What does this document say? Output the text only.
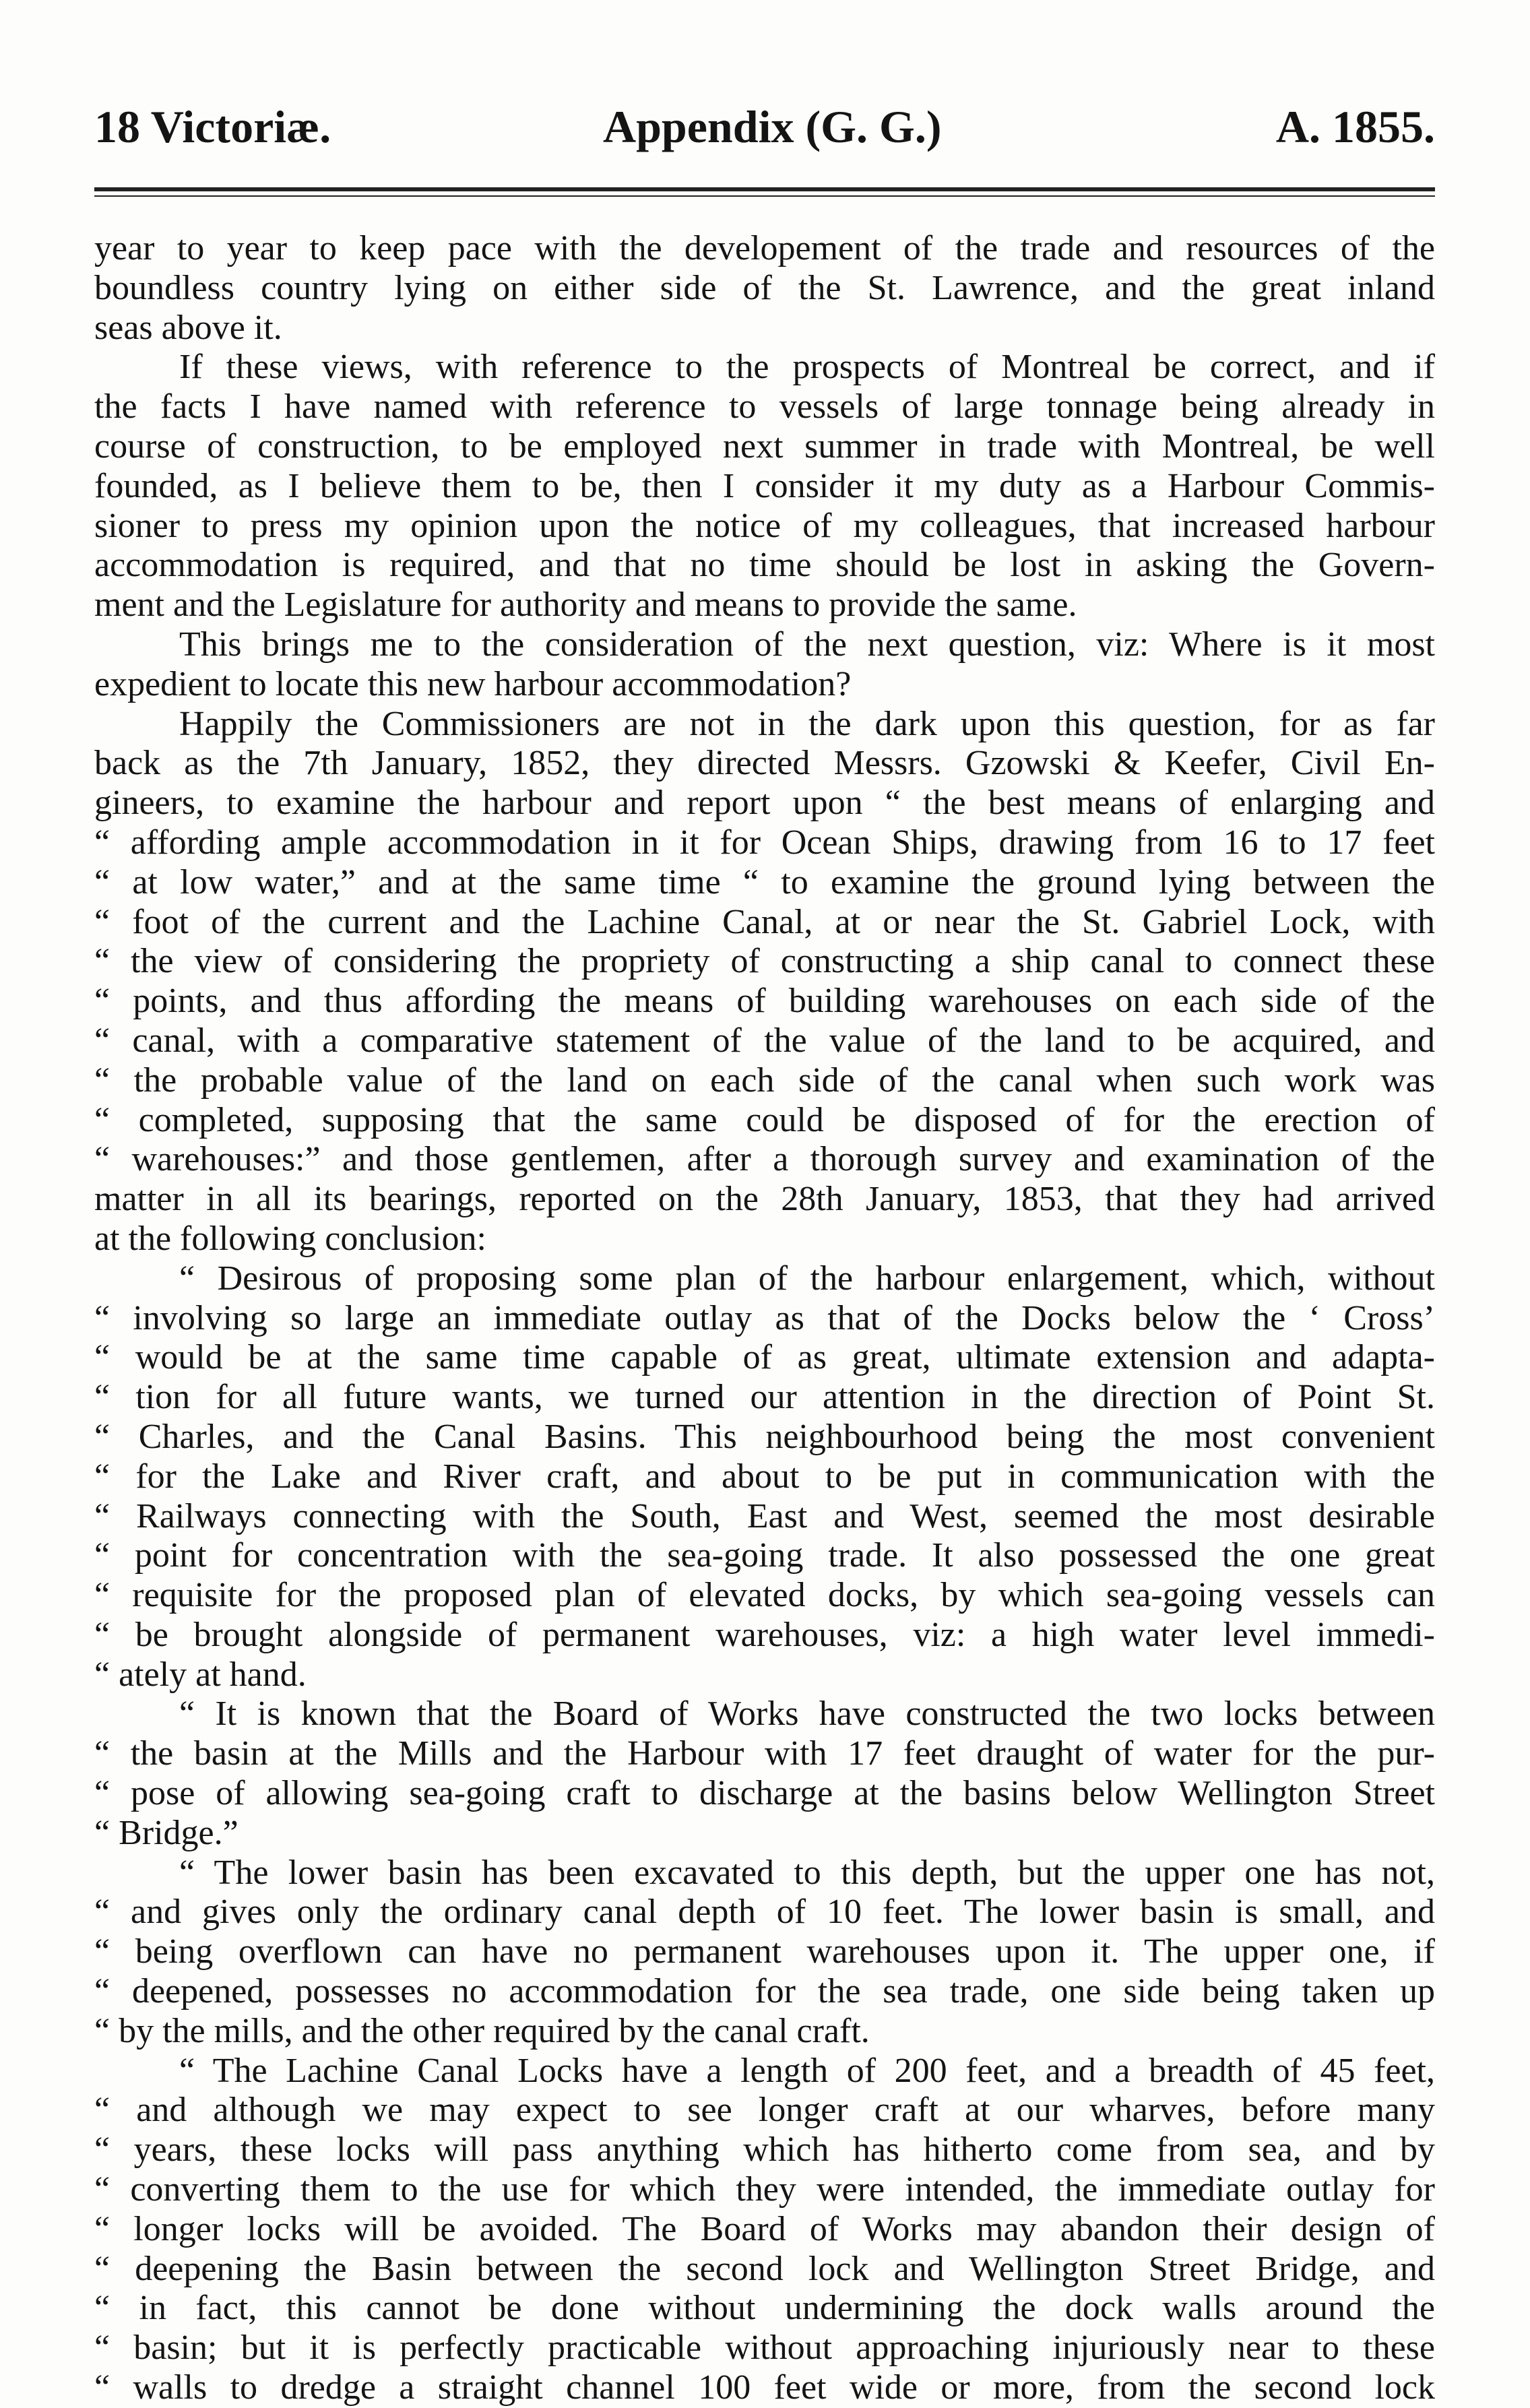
18 Victoriæ.	Appendix (G. G.)	A. 1855.
year to year to keep pace with the developement of the trade and resources of the
boundless country lying on either side of the St. Lawrence, and the great inland
seas above it.
If these views, with reference to the prospects of Montreal be correct, and if
the facts I have named with reference to vessels of large tonnage being already in
course of construction, to be employed next summer in trade with Montreal, be well
founded, as I believe them to be, then I consider it my duty as a Harbour Commis-
sioner to press my opinion upon the notice of my colleagues, that increased harbour
accommodation is required, and that no time should be lost in asking the Govern-
ment and the Legislature for authority and means to provide the same.
This brings me to the consideration of the next question, viz: Where is it most
expedient to locate this new harbour accommodation?
Happily the Commissioners are not in the dark upon this question, for as far
back as the 7th January, 1852, they directed Messrs. Gzowski & Keefer, Civil En-
gineers, to examine the harbour and report upon “ the best means of enlarging and
“ affording ample accommodation in it for Ocean Ships, drawing from 16 to 17 feet
“ at low water,” and at the same time “ to examine the ground lying between the
“ foot of the current and the Lachine Canal, at or near the St. Gabriel Lock, with
“ the view of considering the propriety of constructing a ship canal to connect these
“ points, and thus affording the means of building warehouses on each side of the
“ canal, with a comparative statement of the value of the land to be acquired, and
“ the probable value of the land on each side of the canal when such work was
“ completed, supposing that the same could be disposed of for the erection of
“ warehouses:” and those gentlemen, after a thorough survey and examination of the
matter in all its bearings, reported on the 28th January, 1853, that they had arrived
at the following conclusion:
“ Desirous of proposing some plan of the harbour enlargement, which, without
“ involving so large an immediate outlay as that of the Docks below the ‘ Cross’
“ would be at the same time capable of as great, ultimate extension and adapta-
“ tion for all future wants, we turned our attention in the direction of Point St.
“ Charles, and the Canal Basins. This neighbourhood being the most convenient
“ for the Lake and River craft, and about to be put in communication with the
“ Railways connecting with the South, East and West, seemed the most desirable
“ point for concentration with the sea-going trade. It also possessed the one great
“ requisite for the proposed plan of elevated docks, by which sea-going vessels can
“ be brought alongside of permanent warehouses, viz: a high water level immedi-
“ ately at hand.
“ It is known that the Board of Works have constructed the two locks between
“ the basin at the Mills and the Harbour with 17 feet draught of water for the pur-
“ pose of allowing sea-going craft to discharge at the basins below Wellington Street
“ Bridge.”
“ The lower basin has been excavated to this depth, but the upper one has not,
“ and gives only the ordinary canal depth of 10 feet. The lower basin is small, and
“ being overflown can have no permanent warehouses upon it. The upper one, if
“ deepened, possesses no accommodation for the sea trade, one side being taken up
“ by the mills, and the other required by the canal craft.
“ The Lachine Canal Locks have a length of 200 feet, and a breadth of 45 feet,
“ and although we may expect to see longer craft at our wharves, before many
“ years, these locks will pass anything which has hitherto come from sea, and by
“ converting them to the use for which they were intended, the immediate outlay for
“ longer locks will be avoided. The Board of Works may abandon their design of
“ deepening the Basin between the second lock and Wellington Street Bridge, and
“ in fact, this cannot be done without undermining the dock walls around the
“ basin; but it is perfectly practicable without approaching injuriously near to these
“ walls to dredge a straight channel 100 feet wide or more, from the second lock
